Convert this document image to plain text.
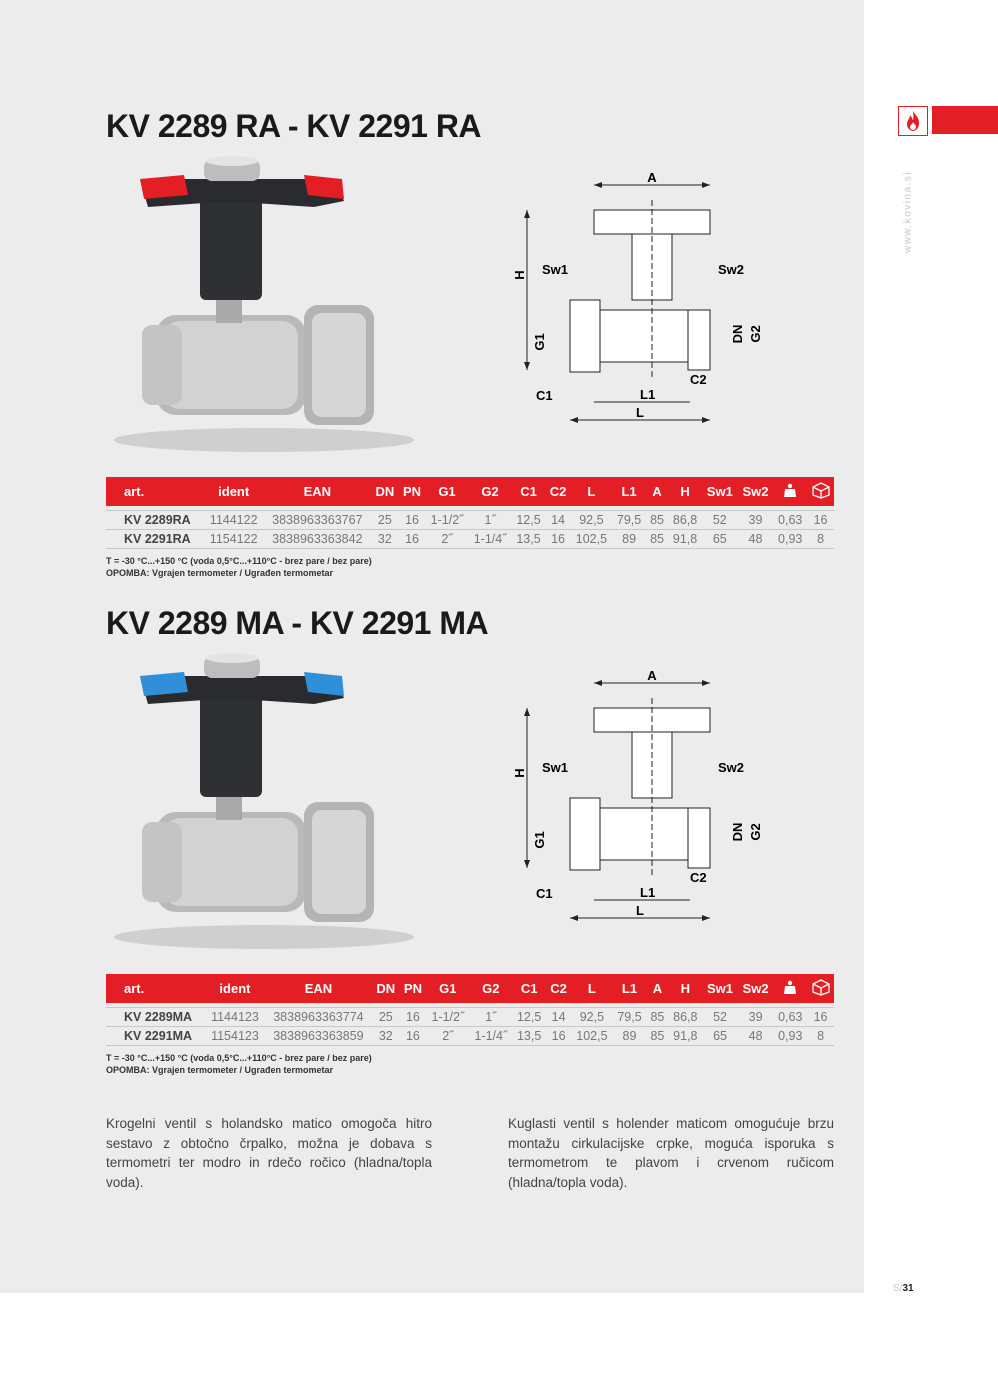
www.kovina.si
KV 2289 RA - KV 2291 RA
A
H Sw1	Sw2
G1	DN G2
C1
C2
L1
L
art.	ident	EAN	DN	PN	G1	G2	C1	C2	L	L1	A	H	Sw1	Sw2		

KV 2289RA	1144122	3838963363767	25	16	1-1/2˝	1˝	12,5	14	92,5	79,5	85	86,8	52	39	0,63	16
KV 2291RA	1154122	3838963363842	32	16	2˝	1-1/4˝	13,5	16	102,5	89	85	91,8	65	48	0,93	8
T = -30 °C...+150 °C (voda 0,5°C...+110°C - brez pare / bez pare)
OPOMBA: Vgrajen termometer / Ugrađen termometar
KV 2289 MA - KV 2291 MA
A
H Sw1	Sw2
G1	DN G2
C1
C2
L1
L
art.	ident	EAN	DN	PN	G1	G2	C1	C2	L	L1	A	H	Sw1	Sw2		

KV 2289MA	1144123	3838963363774	25	16	1-1/2˝	1˝	12,5	14	92,5	79,5	85	86,8	52	39	0,63	16
KV 2291MA	1154123	3838963363859	32	16	2˝	1-1/4˝	13,5	16	102,5	89	85	91,8	65	48	0,93	8
T = -30 °C...+150 °C (voda 0,5°C...+110°C - brez pare / bez pare)
OPOMBA: Vgrajen termometer / Ugrađen termometar

Krogelni ventil s holandsko matico omogoča hitro sestavo z obtočno črpalko, možna je dobava s termometri ter modro in rdečo ročico (hladna/topla voda).

Kuglasti ventil s holender maticom omogućuje brzu montažu cirkulacijske crpke, moguća isporuka s termometrom te plavom i crvenom ručicom (hladna/topla voda).

S/31
